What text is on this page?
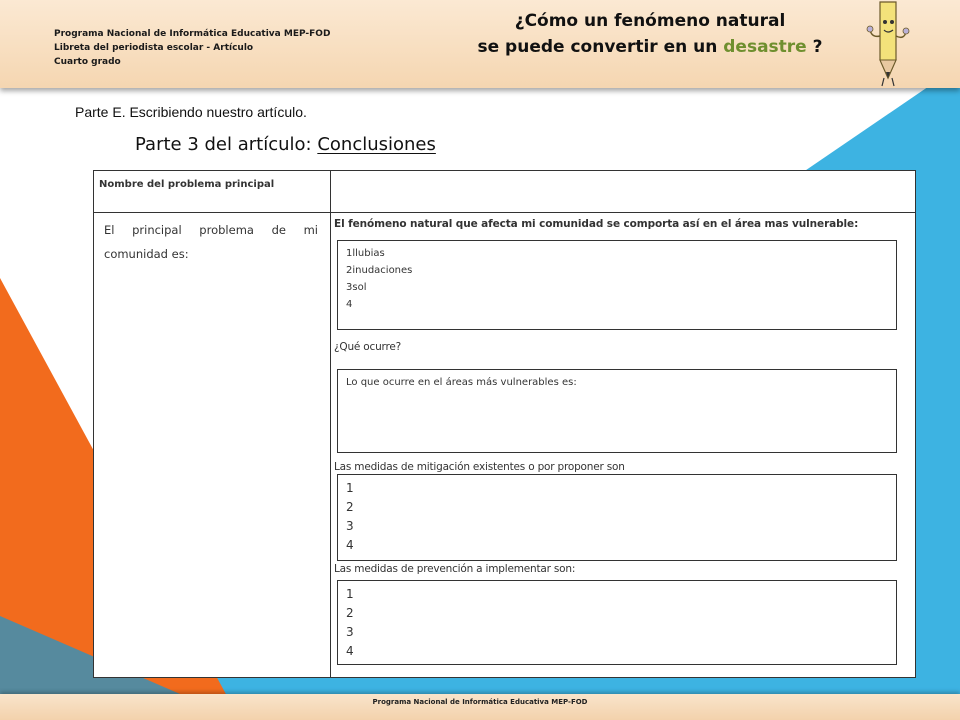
Programa Nacional de Informática Educativa MEP-FOD
Libreta del periodista escolar - Artículo
Cuarto grado
¿Cómo un fenómeno natural
se puede convertir en un desastre ?
Parte E. Escribiendo nuestro artículo.
Parte 3 del artículo: Conclusiones
Nombre del problema principal
El principal problema de mi comunidad es:
El fenómeno natural que afecta mi comunidad se comporta así en el área mas vulnerable:
1llubias
2inudaciones
3sol
4
¿Qué ocurre?
Lo que ocurre en el áreas más vulnerables es:
Las medidas de mitigación existentes o por proponer son
1
2
3
4
Las medidas de prevención a implementar son:
1
2
3
4
Programa Nacional de Informática Educativa MEP-FOD
